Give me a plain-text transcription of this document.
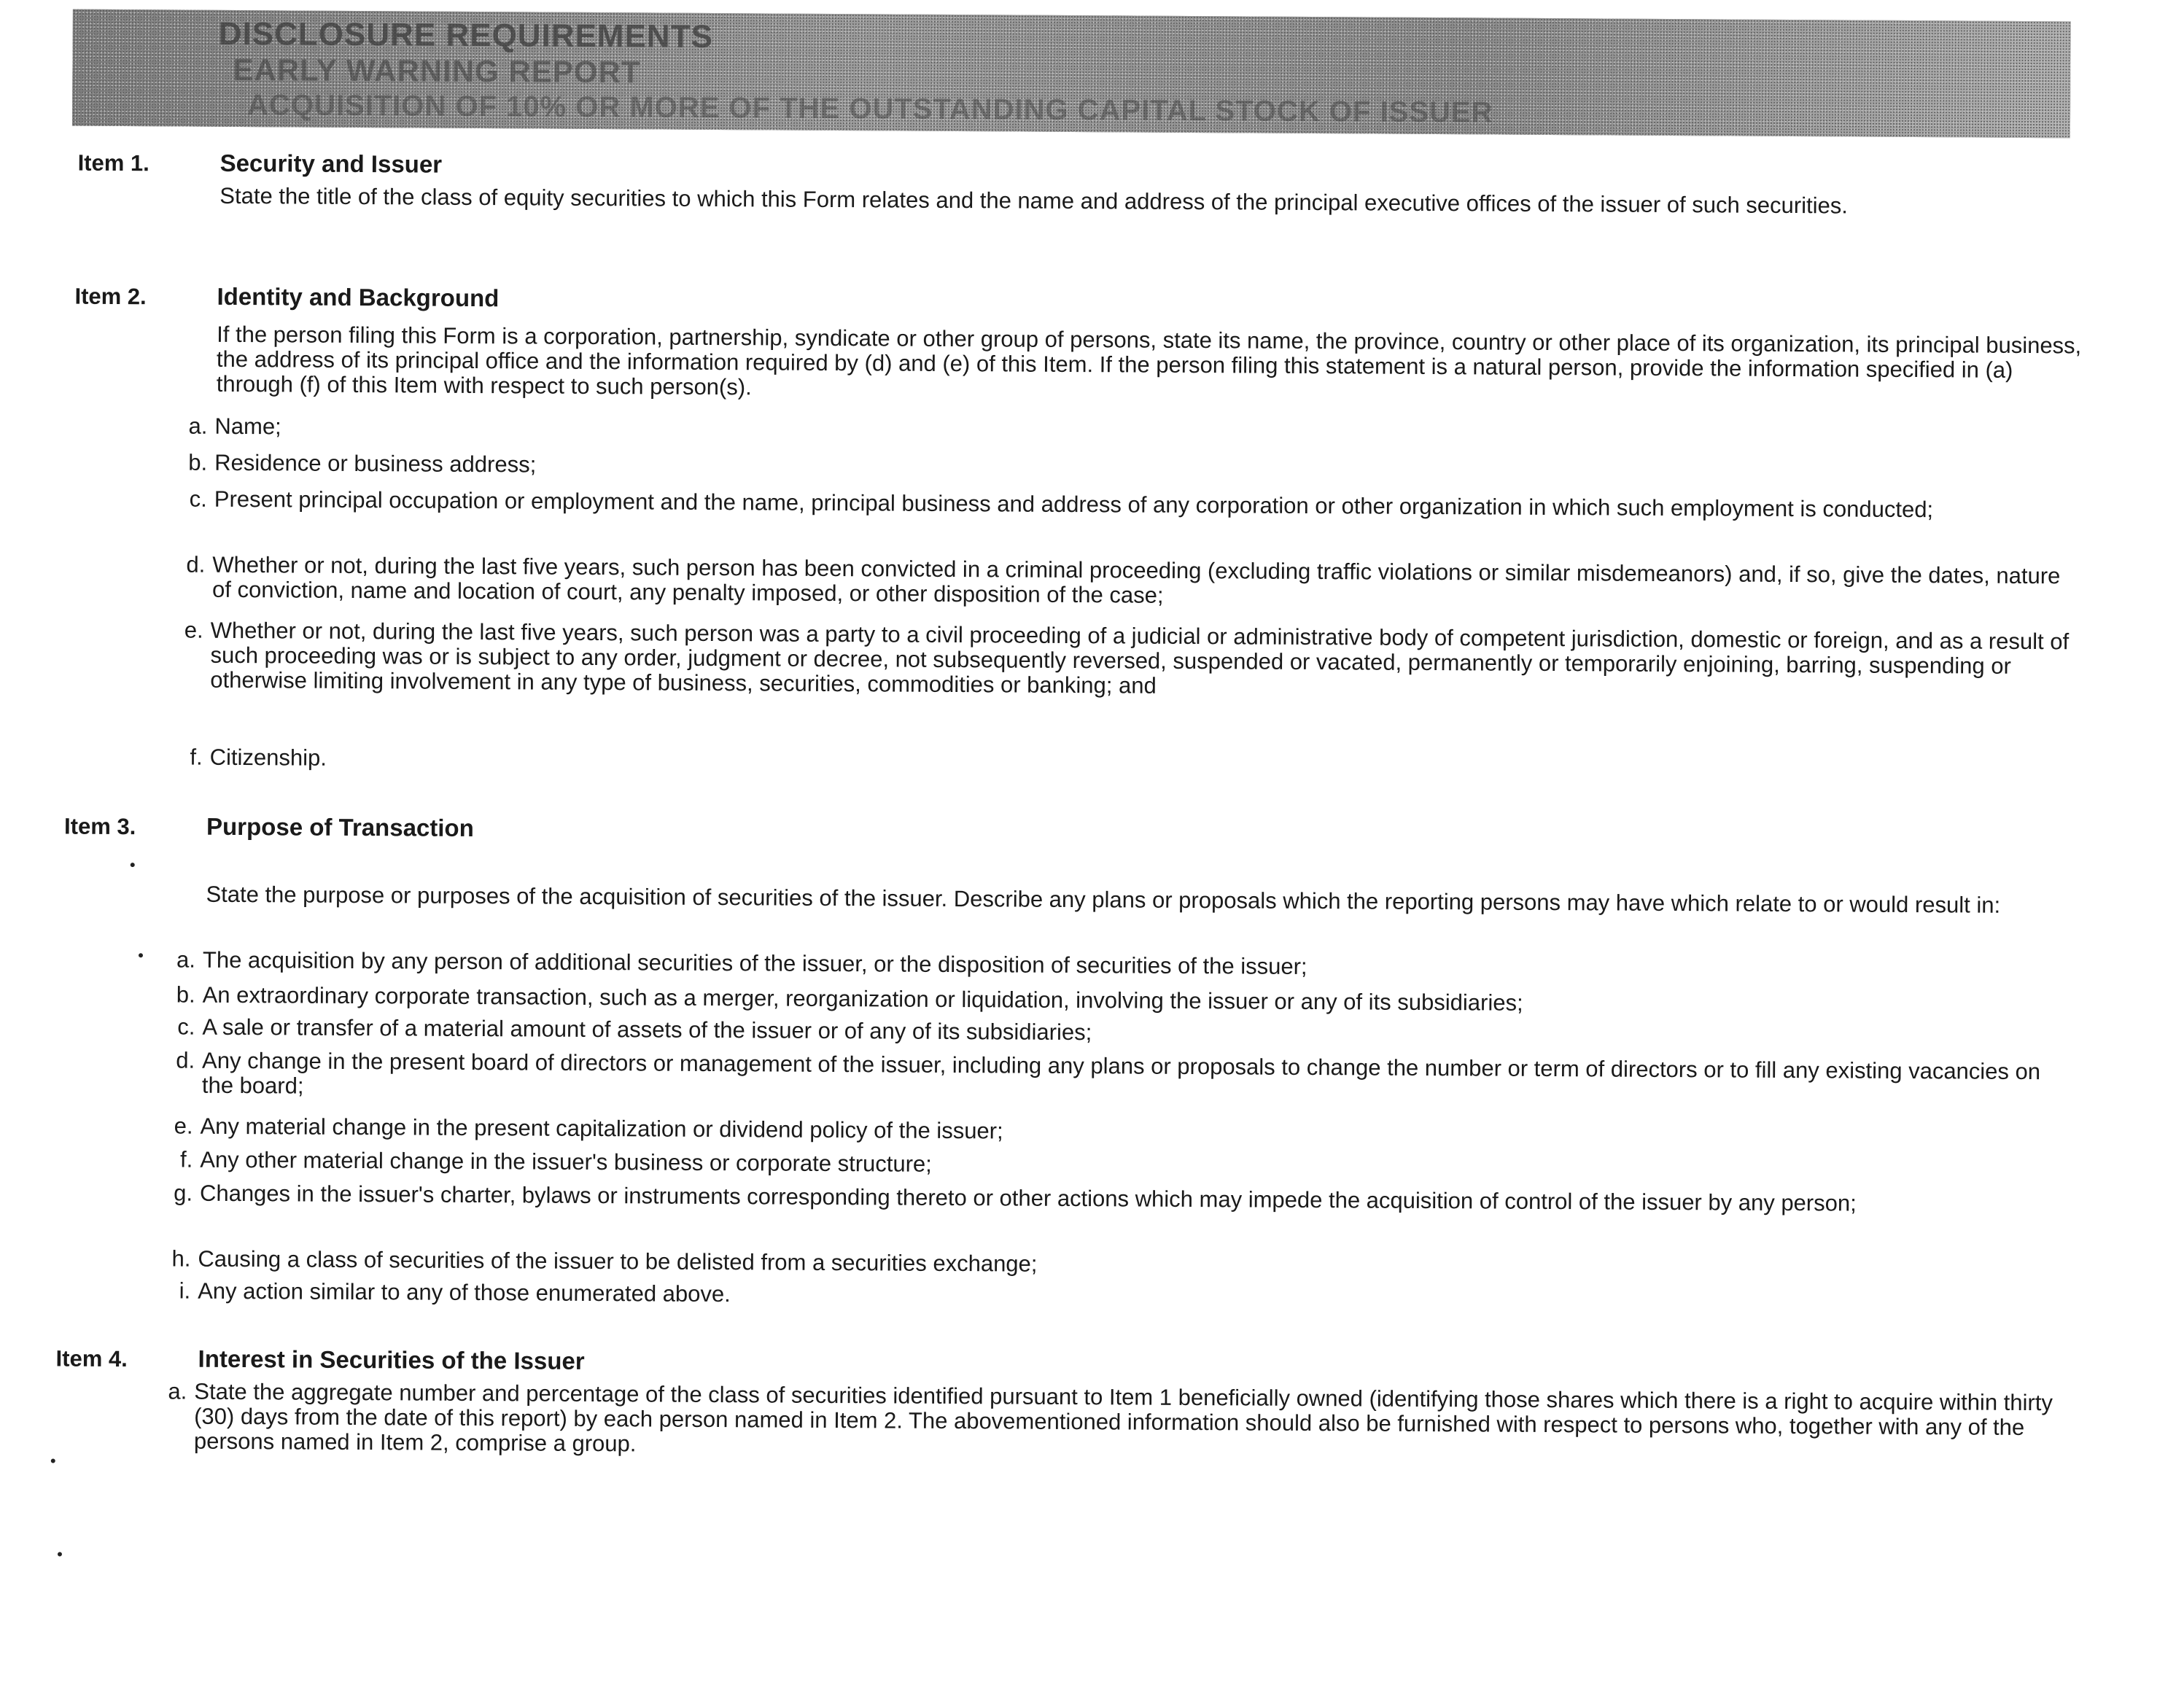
DISCLOSURE REQUIREMENTS
EARLY WARNING REPORT
ACQUISITION OF 10% OR MORE OF THE OUTSTANDING CAPITAL STOCK OF ISSUER
Item 1.	Security and Issuer
State the title of the class of equity securities to which this Form relates and the name and address of the principal executive offices of the issuer of such securities.
Item 2.	Identity and Background
If the person filing this Form is a corporation, partnership, syndicate or other group of persons, state its name, the province, country or other place of its organization, its principal business, the address of its principal office and the information required by (d) and (e) of this Item. If the person filing this statement is a natural person, provide the information specified in (a) through (f) of this Item with respect to such person(s).
a. Name;
b. Residence or business address;
c. Present principal occupation or employment and the name, principal business and address of any corporation or other organization in which such employment is conducted;
d. Whether or not, during the last five years, such person has been convicted in a criminal proceeding (excluding traffic violations or similar misdemeanors) and, if so, give the dates, nature of conviction, name and location of court, any penalty imposed, or other disposition of the case;
e. Whether or not, during the last five years, such person was a party to a civil proceeding of a judicial or administrative body of competent jurisdiction, domestic or foreign, and as a result of such proceeding was or is subject to any order, judgment or decree, not subsequently reversed, suspended or vacated, permanently or temporarily enjoining, barring, suspending or otherwise limiting involvement in any type of business, securities, commodities or banking; and
f. Citizenship.
Item 3.	Purpose of Transaction
State the purpose or purposes of the acquisition of securities of the issuer. Describe any plans or proposals which the reporting persons may have which relate to or would result in:
a. The acquisition by any person of additional securities of the issuer, or the disposition of securities of the issuer;
b. An extraordinary corporate transaction, such as a merger, reorganization or liquidation, involving the issuer or any of its subsidiaries;
c. A sale or transfer of a material amount of assets of the issuer or of any of its subsidiaries;
d. Any change in the present board of directors or management of the issuer, including any plans or proposals to change the number or term of directors or to fill any existing vacancies on the board;
e. Any material change in the present capitalization or dividend policy of the issuer;
f. Any other material change in the issuer's business or corporate structure;
g. Changes in the issuer's charter, bylaws or instruments corresponding thereto or other actions which may impede the acquisition of control of the issuer by any person;
h. Causing a class of securities of the issuer to be delisted from a securities exchange;
i. Any action similar to any of those enumerated above.
Item 4.	Interest in Securities of the Issuer
a. State the aggregate number and percentage of the class of securities identified pursuant to Item 1 beneficially owned (identifying those shares which there is a right to acquire within thirty (30) days from the date of this report) by each person named in Item 2. The abovementioned information should also be furnished with respect to persons who, together with any of the persons named in Item 2, comprise a group.
